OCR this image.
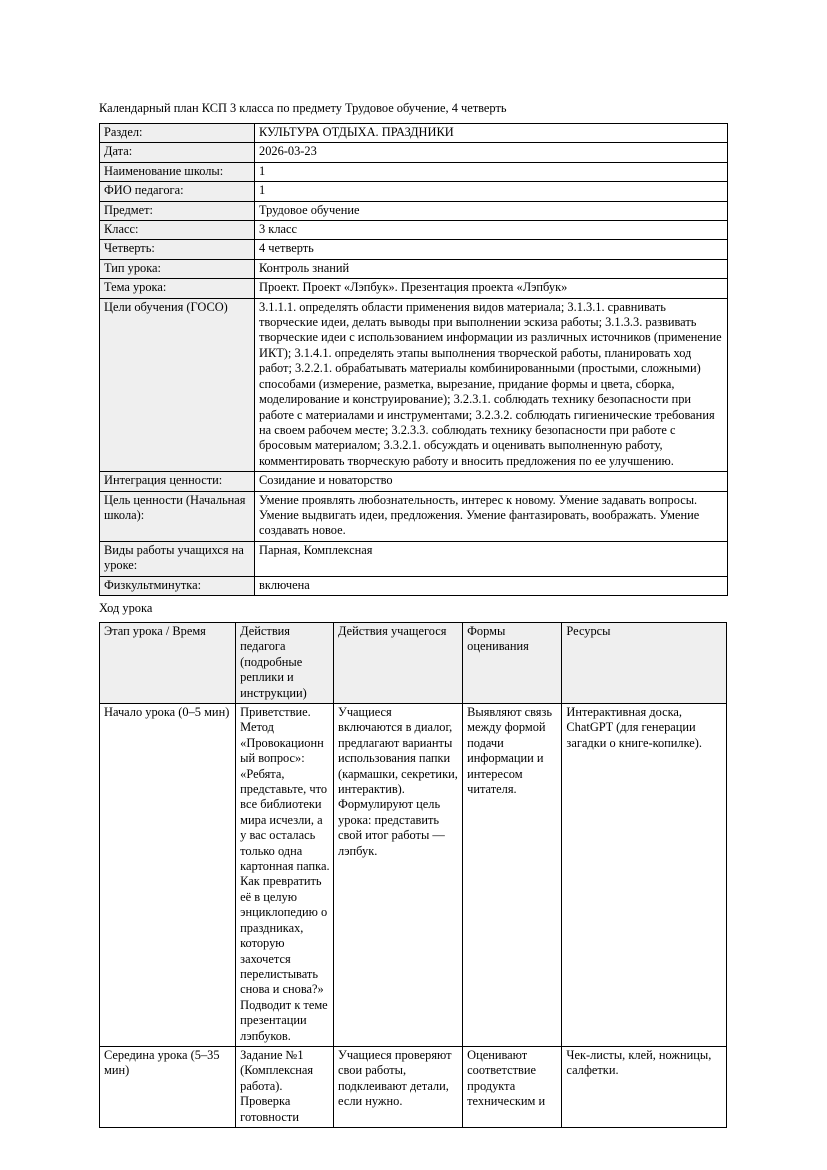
Календарный план КСП 3 класса по предмету Трудовое обучение, 4 четверть

Раздел:	КУЛЬТУРА ОТДЫХА. ПРАЗДНИКИ
Дата:	2026-03-23
Наименование школы:	1
ФИО педагога:	1
Предмет:	Трудовое обучение
Класс:	3 класс
Четверть:	4 четверть
Тип урока:	Контроль знаний
Тема урока:	Проект. Проект «Лэпбук». Презентация проекта «Лэпбук»
Цели обучения (ГОСО)	3.1.1.1. определять области применения видов материала; 3.1.3.1. сравнивать творческие идеи, делать выводы при выполнении эскиза работы; 3.1.3.3. развивать творческие идеи с использованием информации из различных источников (применение ИКТ); 3.1.4.1. определять этапы выполнения творческой работы, планировать ход работ; 3.2.2.1. обрабатывать материалы комбинированными (простыми, сложными) способами (измерение, разметка, вырезание, придание формы и цвета, сборка, моделирование и конструирование); 3.2.3.1. соблюдать технику безопасности при работе с материалами и инструментами; 3.2.3.2. соблюдать гигиенические требования на своем рабочем месте; 3.2.3.3. соблюдать технику безопасности при работе с бросовым материалом; 3.3.2.1. обсуждать и оценивать выполненную работу, комментировать творческую работу и вносить предложения по ее улучшению.
Интеграция ценности:	Созидание и новаторство
Цель ценности (Начальная школа):	Умение проявлять любознательность, интерес к новому. Умение задавать вопросы. Умение выдвигать идеи, предложения. Умение фантазировать, воображать. Умение создавать новое.
Виды работы учащихся на уроке:	Парная, Комплексная
Физкультминутка:	включена

Ход урока

Этап урока / Время	Действия педагога (подробные реплики и инструкции)	Действия учащегося	Формы оценивания	Ресурсы
Начало урока (0–5 мин)	Приветствие. Метод «Провокационный вопрос»: «Ребята, представьте, что все библиотеки мира исчезли, а у вас осталась только одна картонная папка. Как превратить её в целую энциклопедию о праздниках, которую захочется перелистывать снова и снова?» Подводит к теме презентации лэпбуков.	Учащиеся включаются в диалог, предлагают варианты использования папки (кармашки, секретики, интерактив). Формулируют цель урока: представить свой итог работы — лэпбук.	Выявляют связь между формой подачи информации и интересом читателя.	Интерактивная доска, ChatGPT (для генерации загадки о книге-копилке).
Середина урока (5–35 мин)	Задание №1 (Комплексная работа). Проверка готовности	Учащиеся проверяют свои работы, подклеивают детали, если нужно.	Оценивают соответствие продукта техническим и	Чек-листы, клей, ножницы, салфетки.
